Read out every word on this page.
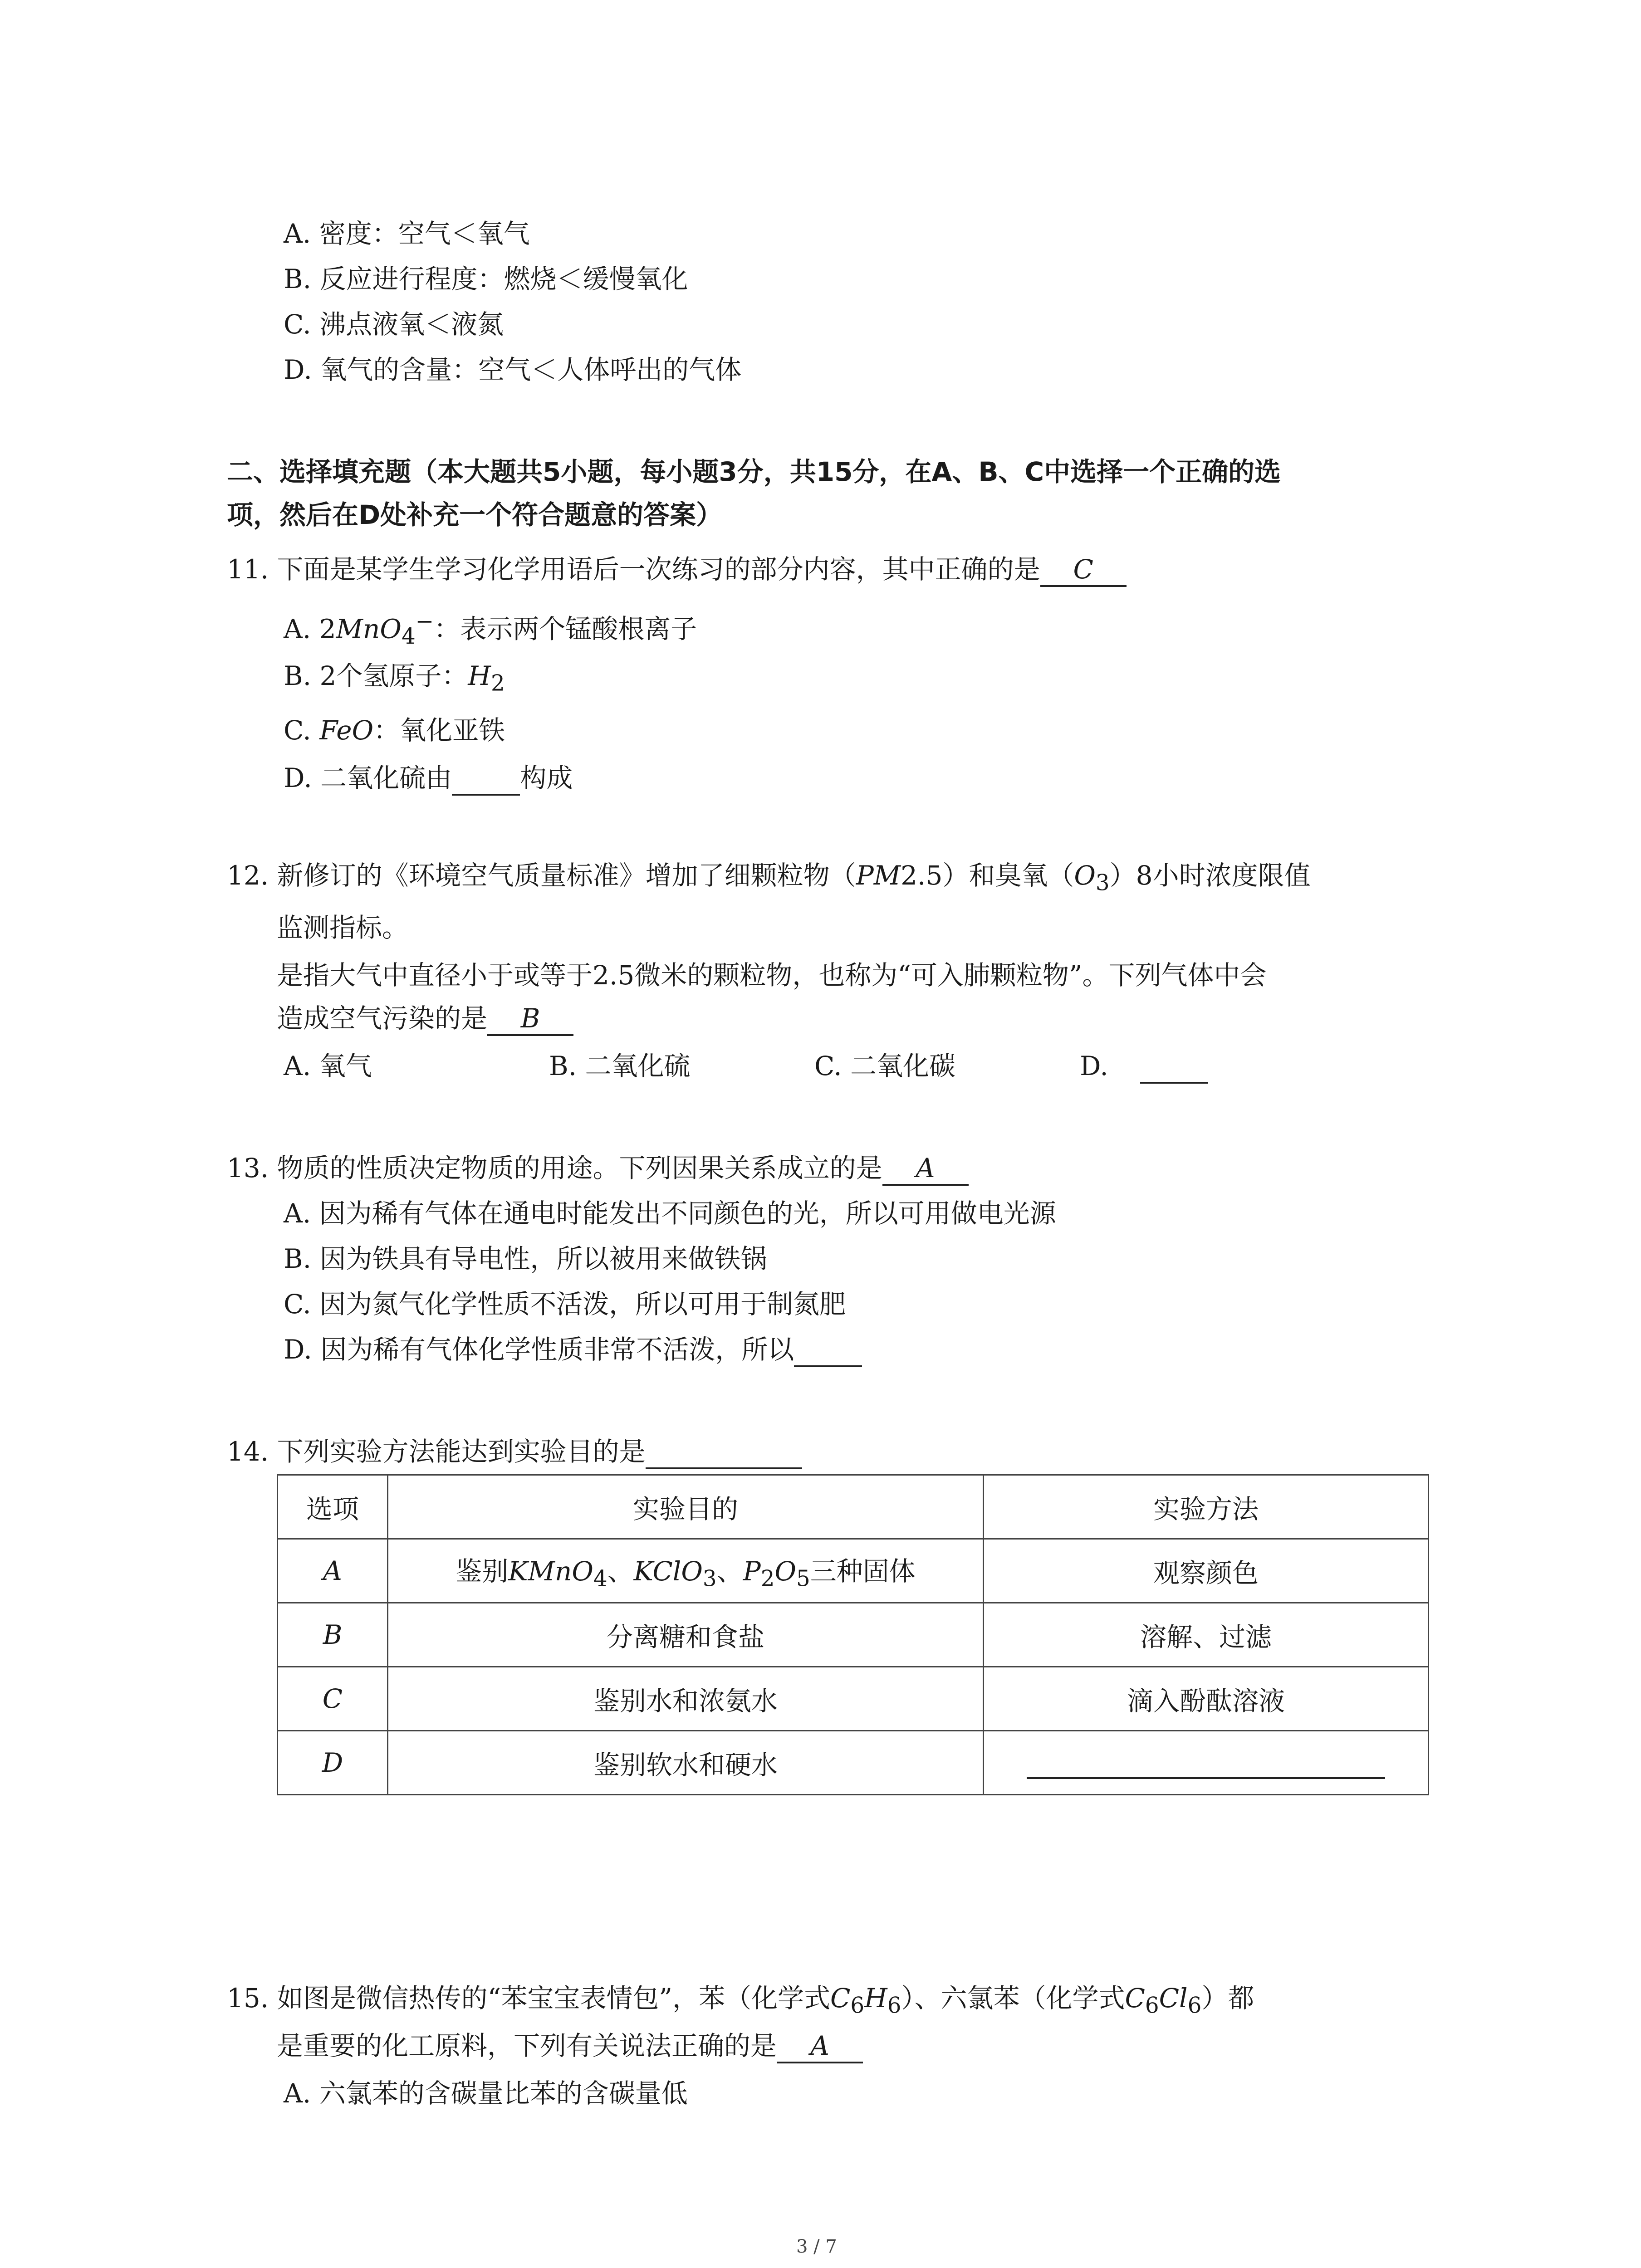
A. 密度：空气＜氧气
B. 反应进行程度：燃烧＜缓慢氧化
C. 沸点液氧＜液氮
D. 氧气的含量：空气＜人体呼出的气体
二、选择填充题（本大题共5小题，每小题3分，共15分，在A、B、C中选择一个正确的选
项，然后在D处补充一个符合题意的答案）
11. 下面是某学生学习化学用语后一次练习的部分内容，其中正确的是 C
A. 2MnO$_4$−：表示两个锰酸根离子
B. 2个氢原子：$H_2$
C. FeO：氧化亚铁
D. 二氧化硫由	构成
12. 新修订的《环境空气质量标准》增加了细颗粒物（PM2.5）和臭氧$(O_3)8$小时浓度限值
监测指标。
是指大气中直径小于或等于2.5微米的颗粒物，也称为“可入肺颗粒物”。下列气体中会
造成空气污染的是 B
A. 氧气	B. 二氧化硫	C. 二氧化碳	D.
13. 物质的性质决定物质的用途。下列因果关系成立的是 A
A. 因为稀有气体在通电时能发出不同颜色的光，所以可用做电光源
B. 因为铁具有导电性，所以被用来做铁锅
C. 因为氮气化学性质不活泼，所以可用于制氮肥
D. 因为稀有气体化学性质非常不活泼，所以
14. 下列实验方法能达到实验目的是
选项	实验目的	实验方法
A	鉴别KMnO$_4$、KClO$_3$、$P_2O_5$三种固体	观察颜色
B	分离糖和食盐	溶解、过滤
C	鉴别水和浓氨水	滴入酚酞溶液
D	鉴别软水和硬水	
15. 如图是微信热传的“苯宝宝表情包”，苯（化学式$C_6H_6$）、六氯苯（化学式$C_6Cl_6$）都
是重要的化工原料，下列有关说法正确的是 A
A. 六氯苯的含碳量比苯的含碳量低
3 / 7
